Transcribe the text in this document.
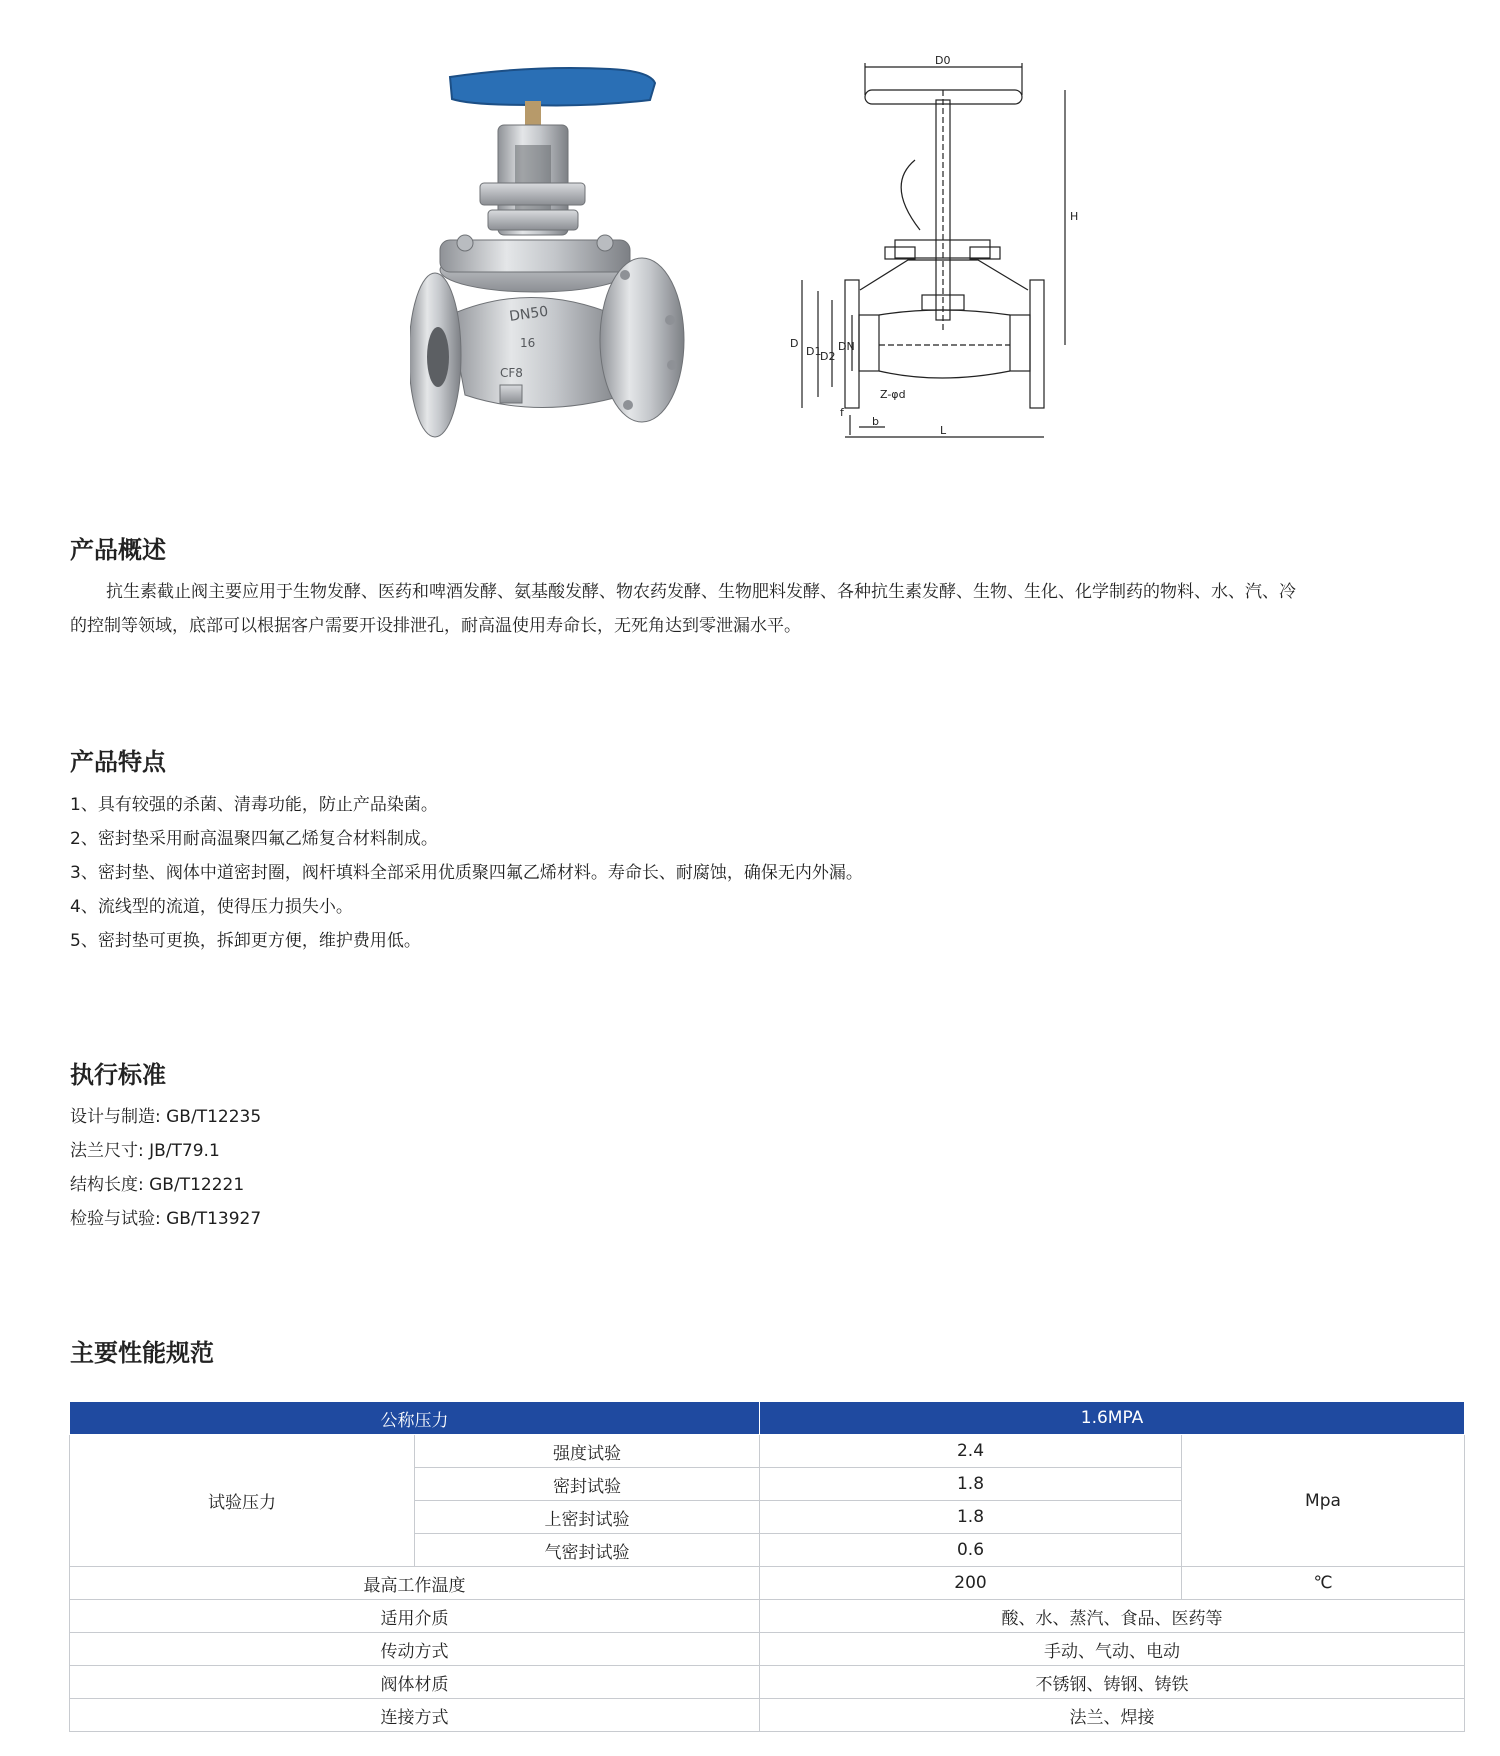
DN50
16
CF8
D0
H
D
D1
D2
DN
Z-φd
f
b
L
产品概述

抗生素截止阀主要应用于生物发酵、医药和啤酒发酵、氨基酸发酵、物农药发酵、生物肥料发酵、各种抗生素发酵、生物、生化、化学制药的物料、水、汽、冷
的控制等领域，底部可以根据客户需要开设排泄孔，耐高温使用寿命长，无死角达到零泄漏水平。

产品特点
1、具有较强的杀菌、清毒功能，防止产品染菌。
2、密封垫采用耐高温聚四氟乙烯复合材料制成。
3、密封垫、阀体中道密封圈，阀杆填料全部采用优质聚四氟乙烯材料。寿命长、耐腐蚀，确保无内外漏。
4、流线型的流道，使得压力损失小。
5、密封垫可更换，拆卸更方便，维护费用低。
执行标准
设计与制造: GB/T12235
法兰尺寸: JB/T79.1
结构长度: GB/T12221
检验与试验: GB/T13927
主要性能规范
公称压力		1.6MPA	
试验压力	强度试验	2.4	Mpa
	密封试验	1.8	
	上密封试验	1.8	
	气密封试验	0.6	
最高工作温度		200	℃
适用介质		酸、水、蒸汽、食品、医药等	
传动方式		手动、气动、电动	
阀体材质		不锈钢、铸钢、铸铁	
连接方式		法兰、焊接	
